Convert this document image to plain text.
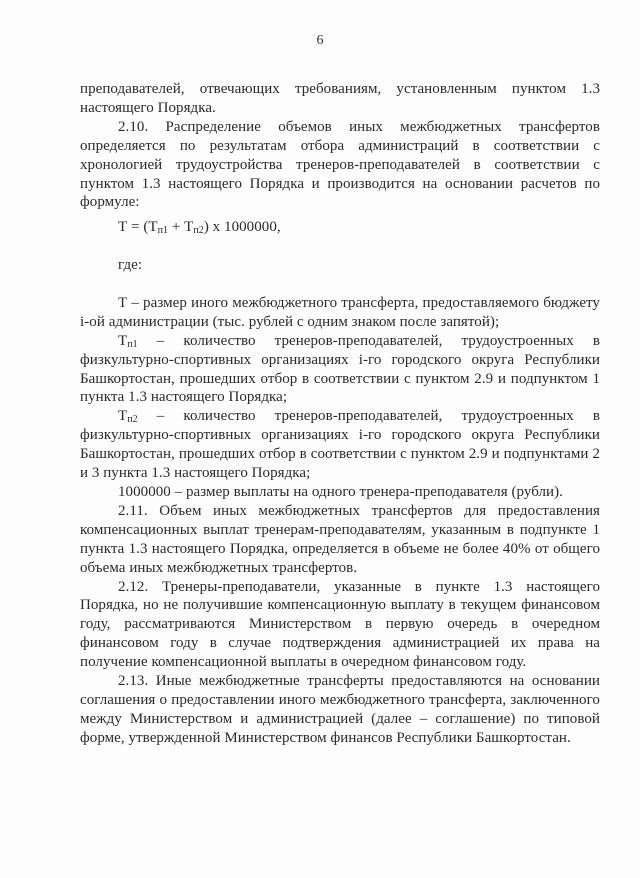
6

преподавателей, отвечающих требованиям, установленным пунктом 1.3 настоящего Порядка.

2.10. Распределение объемов иных межбюджетных трансфертов определяется по результатам отбора администраций в соответствии с хронологией трудоустройства тренеров-преподавателей в соответствии с пунктом 1.3 настоящего Порядка и производится на основании расчетов по формуле:

$Т = (Т_{п1} + Т_{п2})$ х 1000000,

где:

Т – размер иного межбюджетного трансферта, предоставляемого бюджету i-ой администрации (тыс. рублей с одним знаком после запятой);

$Т_{п1}$ – количество тренеров-преподавателей, трудоустроенных в физкультурно-спортивных организациях i-го городского округа Республики Башкортостан, прошедших отбор в соответствии с пунктом 2.9 и подпунктом 1 пункта 1.3 настоящего Порядка;

$Т_{п2}$ – количество тренеров-преподавателей, трудоустроенных в физкультурно-спортивных организациях i-го городского округа Республики Башкортостан, прошедших отбор в соответствии с пунктом 2.9 и подпунктами 2 и 3 пункта 1.3 настоящего Порядка;

1000000 – размер выплаты на одного тренера-преподавателя (рубли).

2.11. Объем иных межбюджетных трансфертов для предоставления компенсационных выплат тренерам-преподавателям, указанным в подпункте 1 пункта 1.3 настоящего Порядка, определяется в объеме не более 40% от общего объема иных межбюджетных трансфертов.

2.12. Тренеры-преподаватели, указанные в пункте 1.3 настоящего Порядка, но не получившие компенсационную выплату в текущем финансовом году, рассматриваются Министерством в первую очередь в очередном финансовом году в случае подтверждения администрацией их права на получение компенсационной выплаты в очередном финансовом году.

2.13. Иные межбюджетные трансферты предоставляются на основании соглашения о предоставлении иного межбюджетного трансферта, заключенного между Министерством и администрацией (далее – соглашение) по типовой форме, утвержденной Министерством финансов Республики Башкортостан.
